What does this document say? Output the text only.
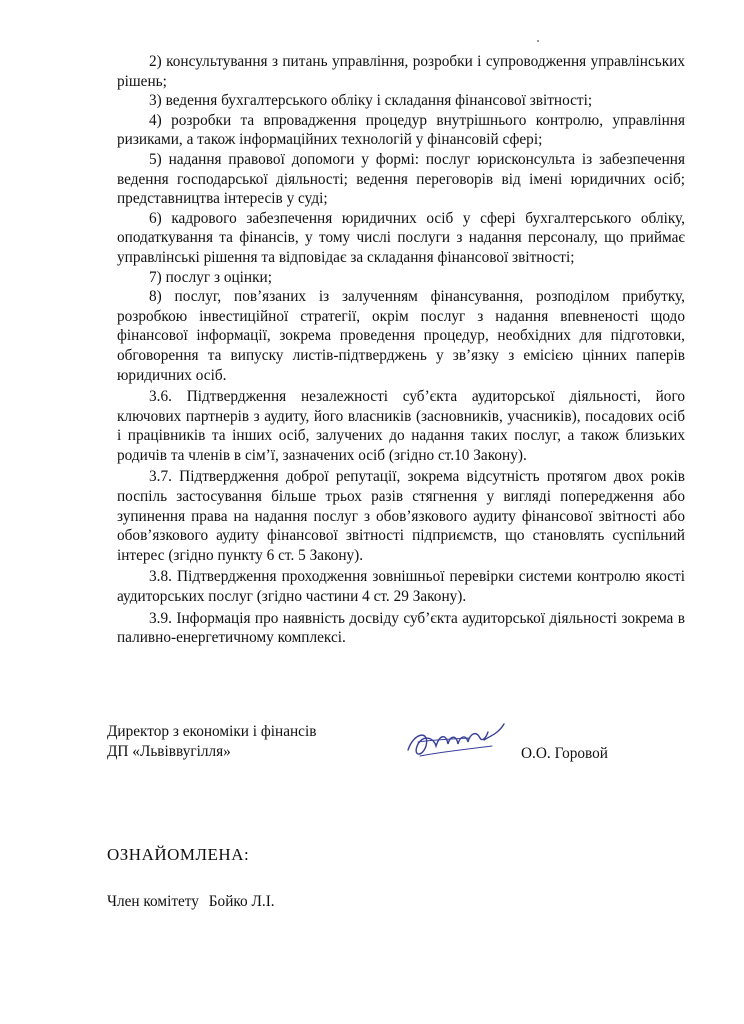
2) консультування з питань управління, розробки і супроводження управлінських рішень;

3) ведення бухгалтерського обліку і складання фінансової звітності;

4) розробки та впровадження процедур внутрішнього контролю, управління ризиками, а також інформаційних технологій у фінансовій сфері;

5) надання правової допомоги у формі: послуг юрисконсульта із забезпечення ведення господарської діяльності; ведення переговорів від імені юридичних осіб; представництва інтересів у суді;

6) кадрового забезпечення юридичних осіб у сфері бухгалтерського обліку, оподаткування та фінансів, у тому числі послуги з надання персоналу, що приймає управлінські рішення та відповідає за складання фінансової звітності;

7) послуг з оцінки;

8) послуг, пов’язаних із залученням фінансування, розподілом прибутку, розробкою інвестиційної стратегії, окрім послуг з надання впевненості щодо фінансової інформації, зокрема проведення процедур, необхідних для підготовки, обговорення та випуску листів-підтверджень у зв’язку з емісією цінних паперів юридичних осіб.

3.6. Підтвердження незалежності суб’єкта аудиторської діяльності, його ключових партнерів з аудиту, його власників (засновників, учасників), посадових осіб і працівників та інших осіб, залучених до надання таких послуг, а також близьких родичів та членів в сім’ї, зазначених осіб (згідно ст.10 Закону).

3.7. Підтвердження доброї репутації, зокрема відсутність протягом двох років поспіль застосування більше трьох разів стягнення у вигляді попередження або зупинення права на надання послуг з обов’язкового аудиту фінансової звітності або обов’язкового аудиту фінансової звітності підприємств, що становлять суспільний інтерес (згідно пункту 6 ст. 5 Закону).

3.8. Підтвердження проходження зовнішньої перевірки системи контролю якості аудиторських послуг (згідно частини 4 ст. 29 Закону).

3.9. Інформація про наявність досвіду суб’єкта аудиторської діяльності зокрема в паливно-енергетичному комплексі.

Директор з економіки і фінансів
ДП «Львіввугілля»	О.О. Горовой
ОЗНАЙОМЛЕНА:
Член комітету Бойко Л.І.
